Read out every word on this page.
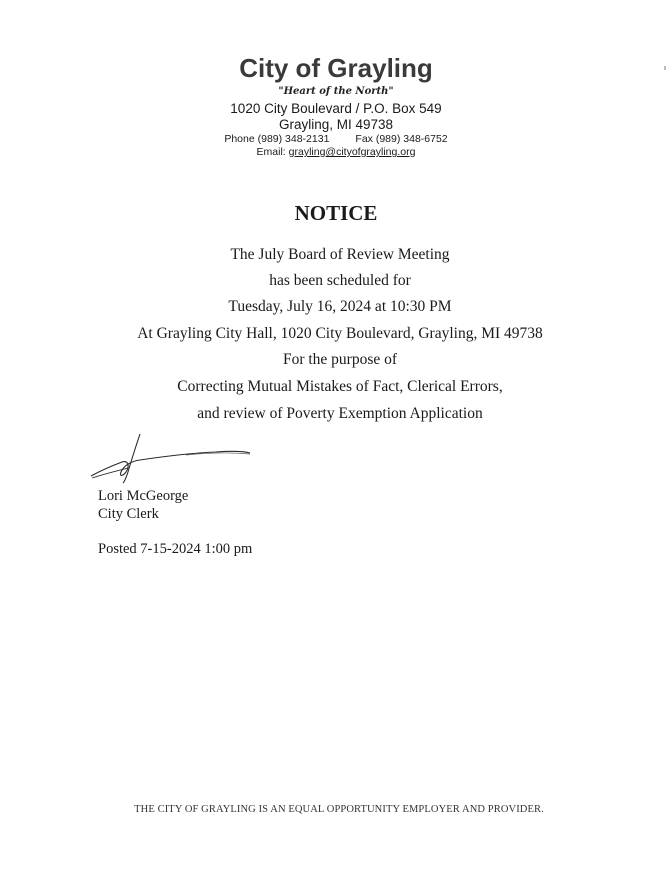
City of Grayling
"Heart of the North"
1020 City Boulevard / P.O. Box 549
Grayling, MI 49738
Phone (989) 348-2131 Fax (989) 348-6752
Email: grayling@cityofgrayling.org
NOTICE
The July Board of Review Meeting
has been scheduled for
Tuesday, July 16, 2024 at 10:30 PM
At Grayling City Hall, 1020 City Boulevard, Grayling, MI 49738
For the purpose of
Correcting Mutual Mistakes of Fact, Clerical Errors,
and review of Poverty Exemption Application
Lori McGeorge
City Clerk
Posted 7-15-2024 1:00 pm
THE CITY OF GRAYLING IS AN EQUAL OPPORTUNITY EMPLOYER AND PROVIDER.
